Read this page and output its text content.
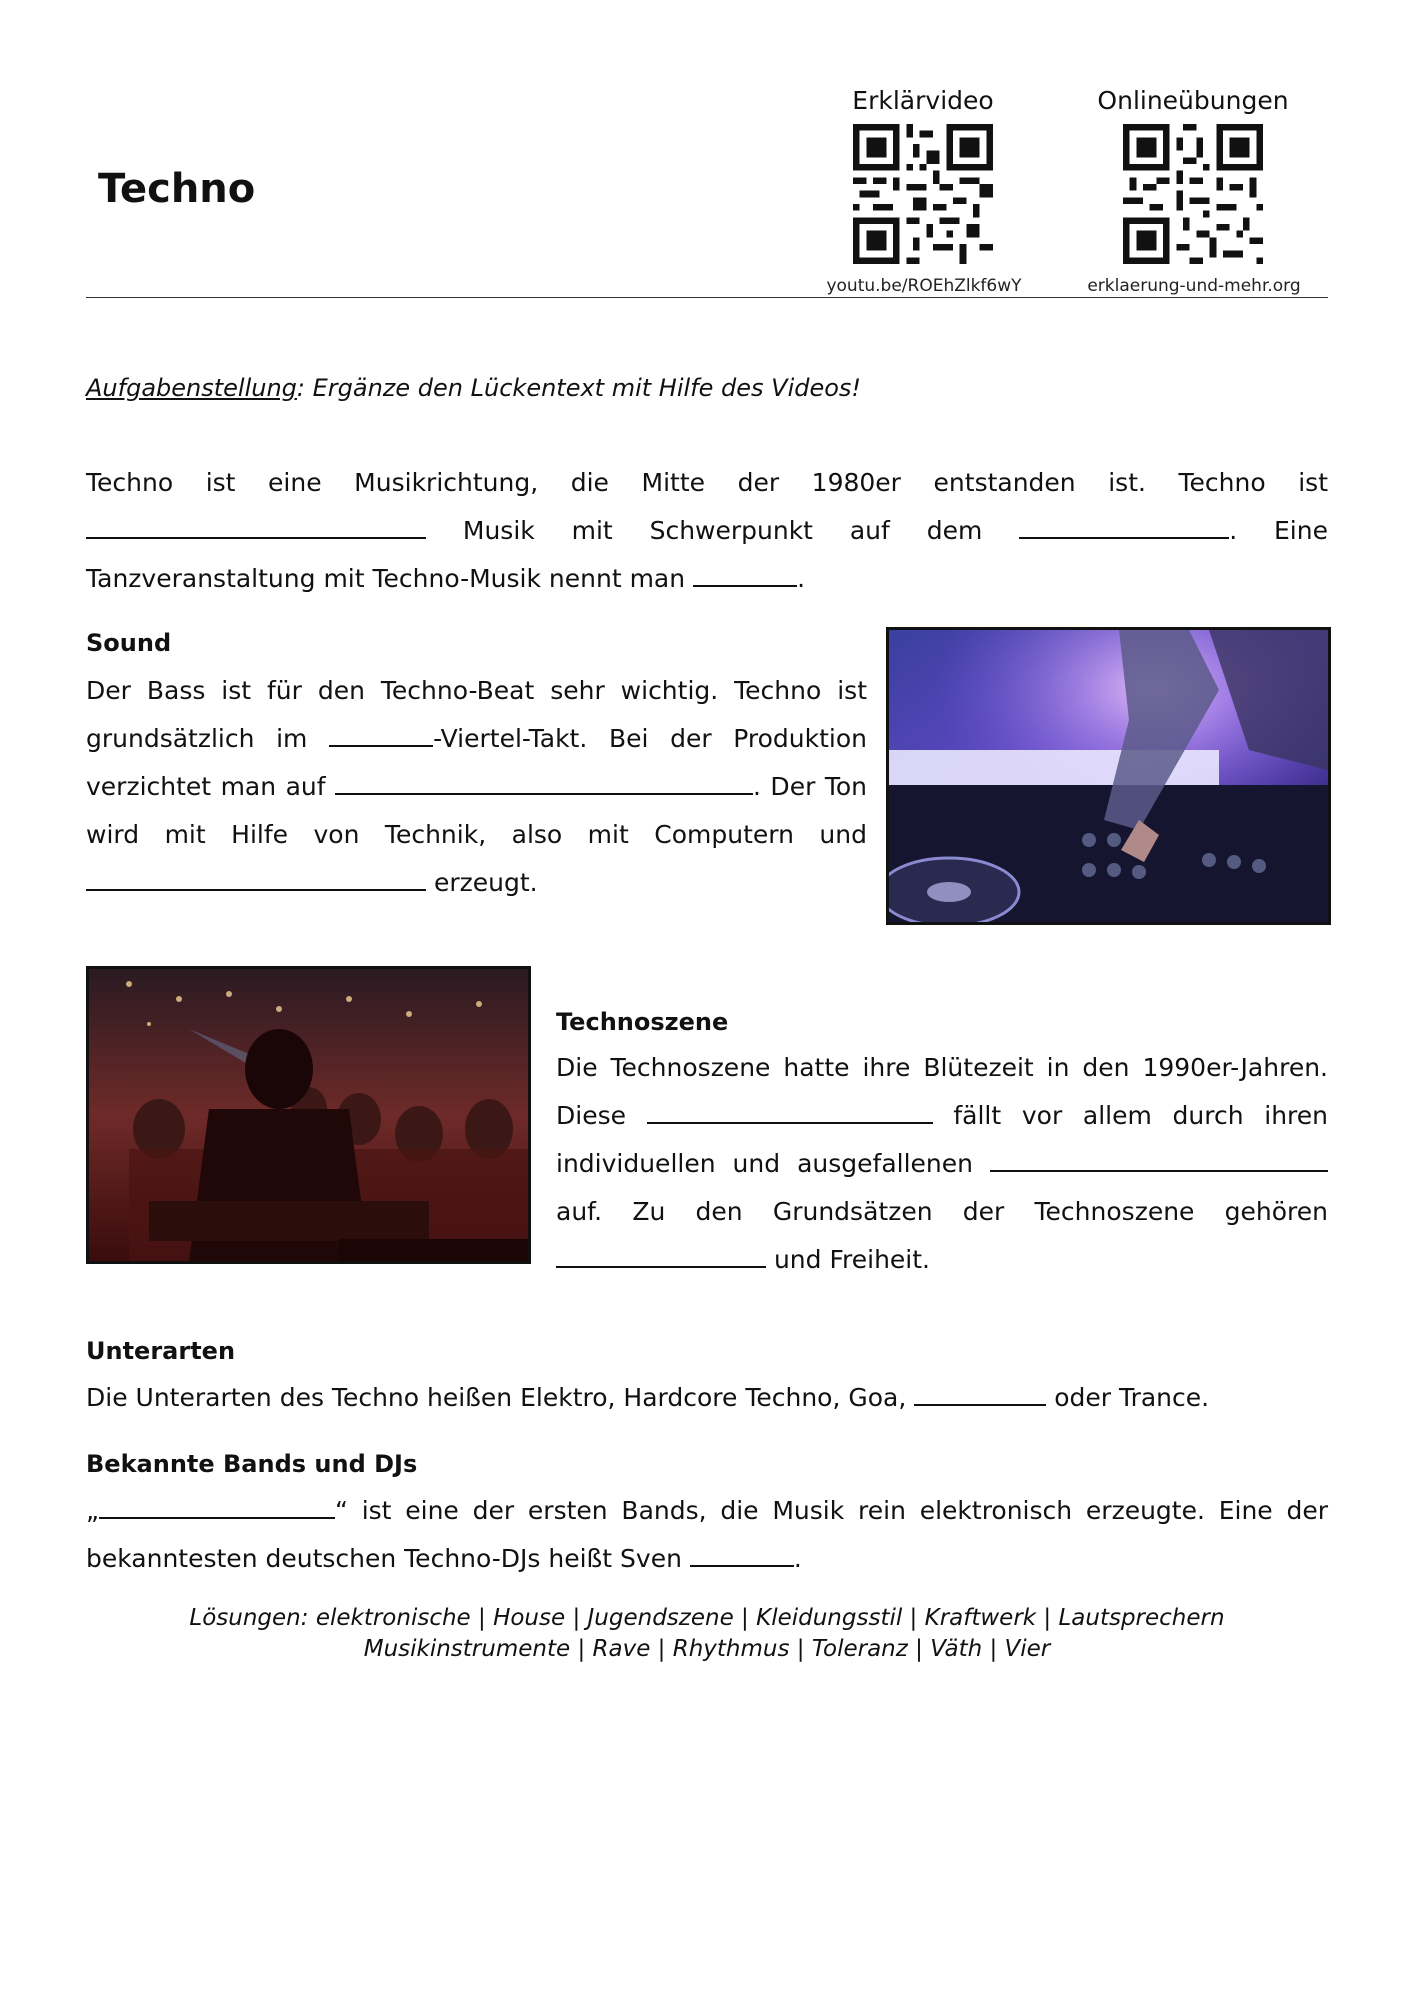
Techno
Erklärvideo
youtu.be/ROEhZlkf6wY
Onlineübungen
erklaerung-und-mehr.org
Aufgabenstellung: Ergänze den Lückentext mit Hilfe des Videos!
Techno ist eine Musikrichtung, die Mitte der 1980er entstanden ist. Techno ist  Musik mit Schwerpunkt auf dem	. Eine Tanzveranstaltung mit Techno-Musik nennt man	.
Sound
Der Bass ist für den Techno-Beat sehr wichtig. Techno ist grundsätzlich im	-Viertel-Takt. Bei der Produktion verzichtet man auf	. Der Ton wird mit Hilfe von Technik, also mit Computern und  erzeugt.
Technoszene
Die Technoszene hatte ihre Blütezeit in den 1990er-Jahren. Diese	fällt vor allem durch ihren individuellen und ausgefallenen  auf. Zu den Grundsätzen der Technoszene gehören  und Freiheit.
Unterarten
Die Unterarten des Techno heißen Elektro, Hardcore Techno, Goa,	oder Trance.
Bekannte Bands und DJs
„	“ ist eine der ersten Bands, die Musik rein elektronisch erzeugte. Eine der bekanntesten deutschen Techno-DJs heißt Sven	.
Lösungen: elektronische | House | Jugendszene | Kleidungsstil | Kraftwerk | Lautsprechern
Musikinstrumente | Rave | Rhythmus | Toleranz | Väth | Vier
